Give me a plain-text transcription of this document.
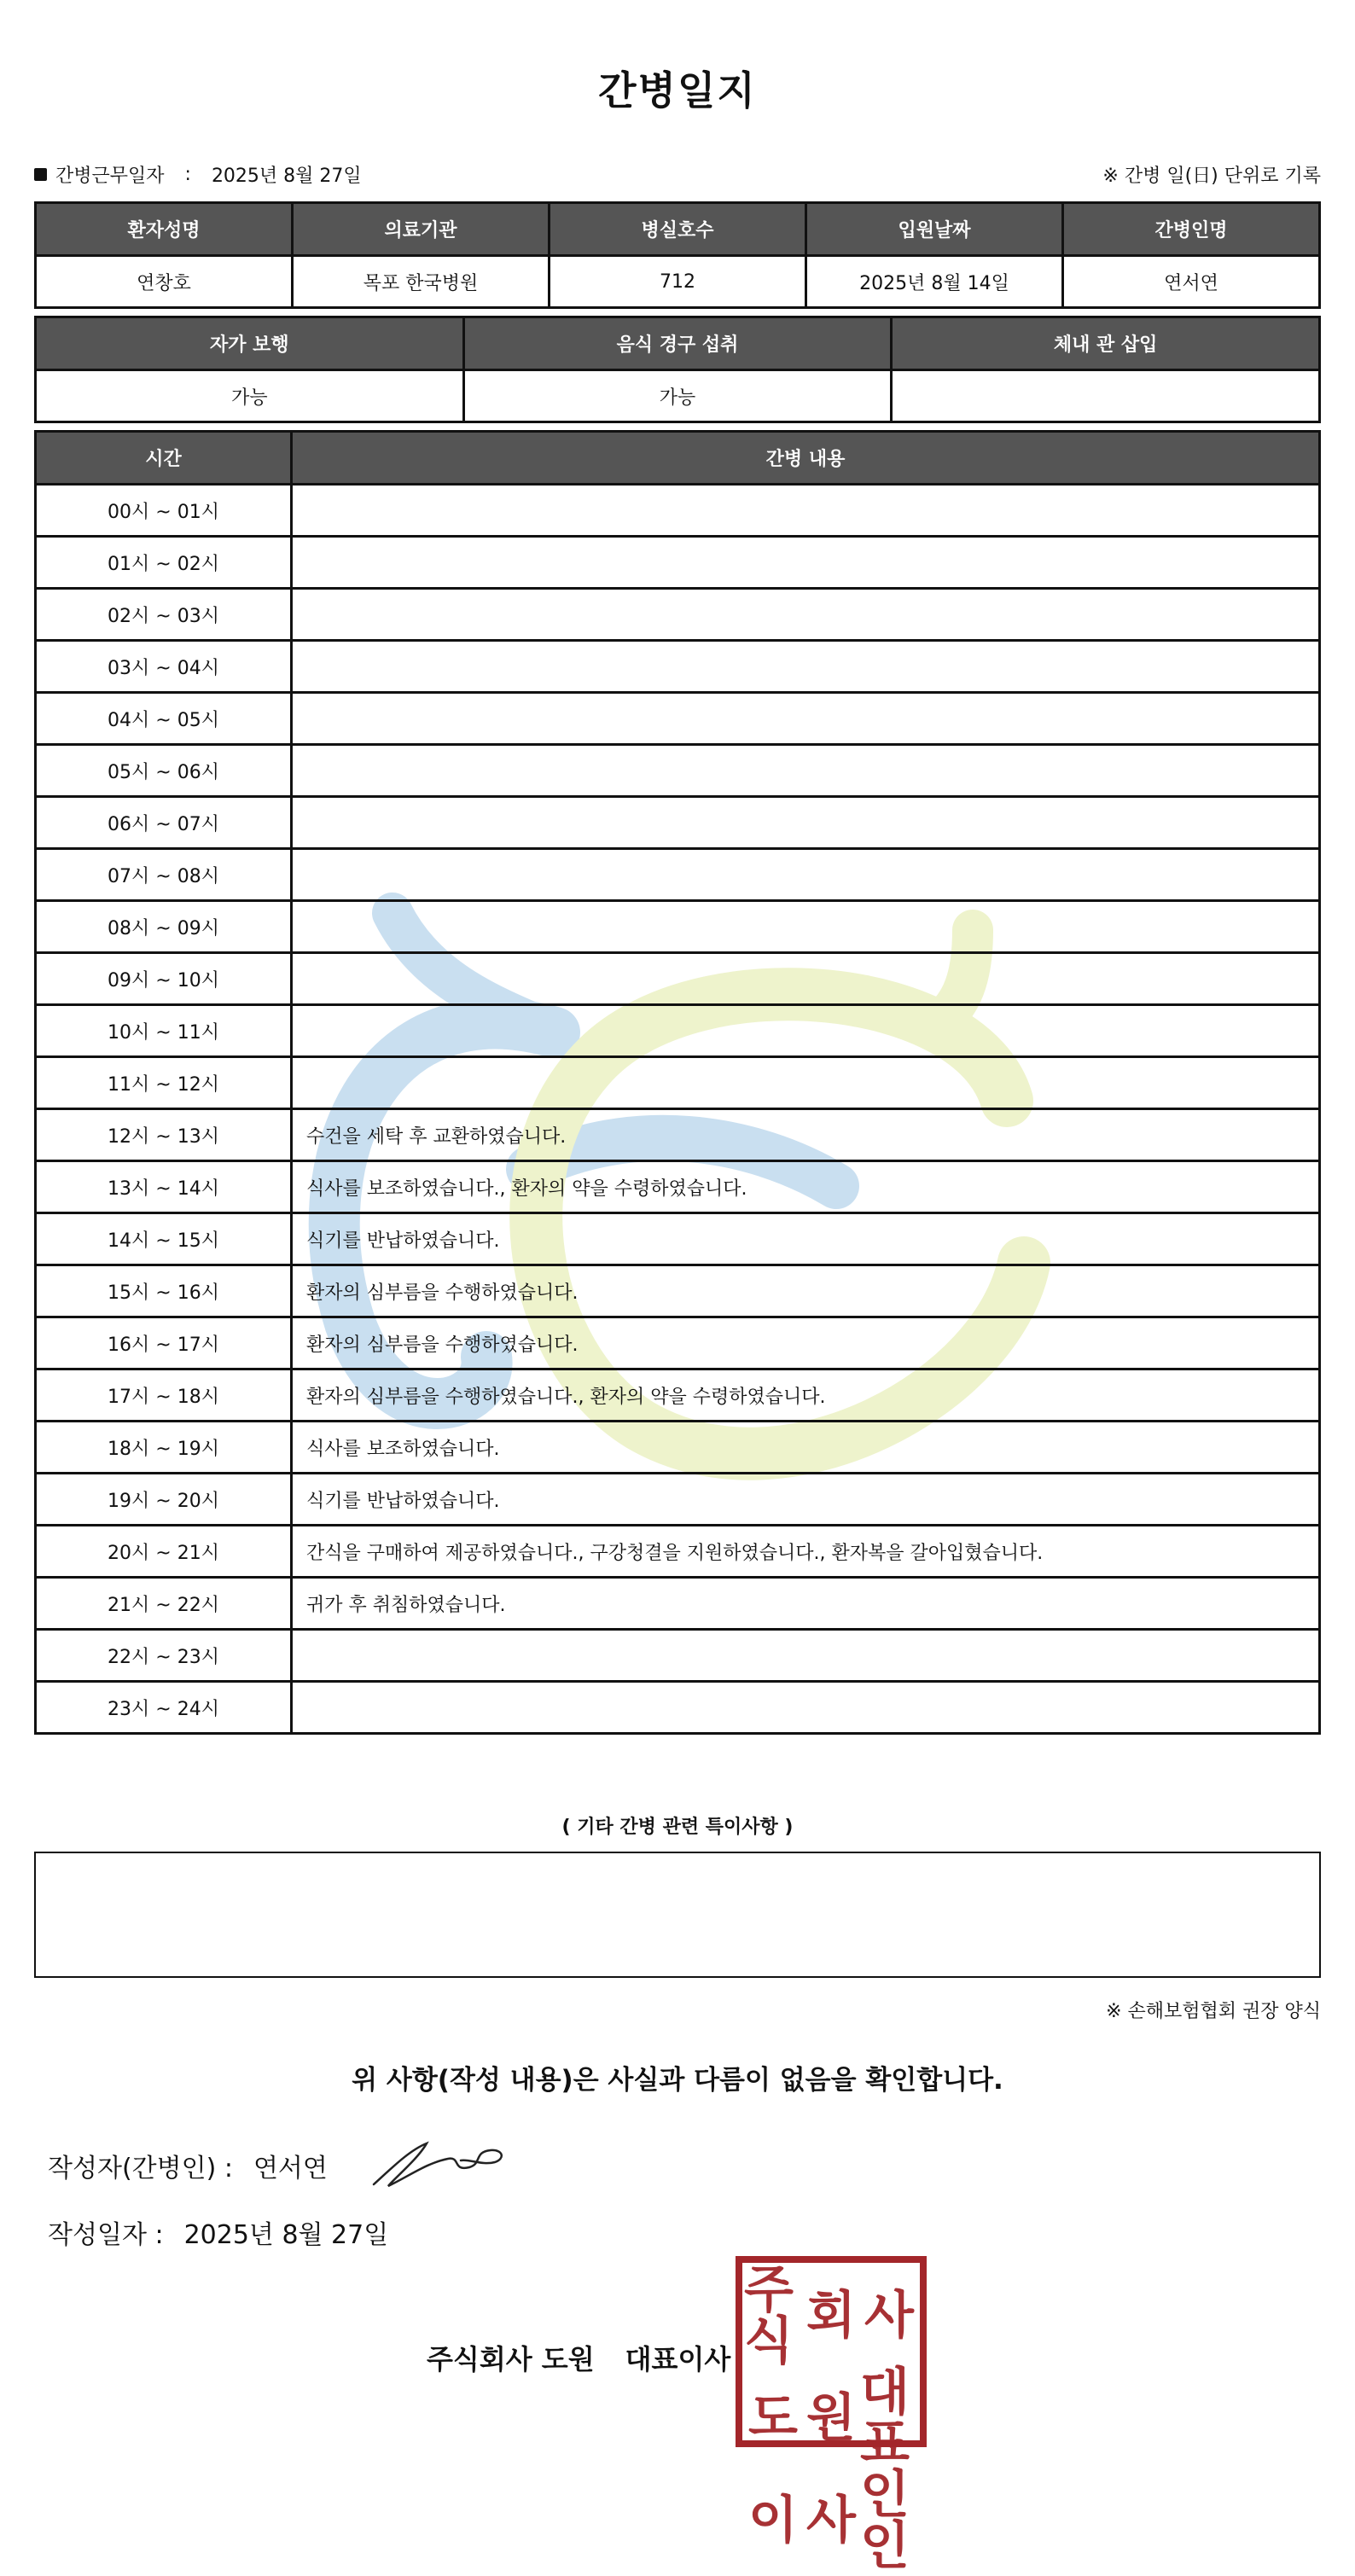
간병일지
간병근무일자 : 2025년 8월 27일	※ 간병 일(日) 단위로 기록
환자성명	의료기관	병실호수	입원날짜	간병인명
연창호	목포 한국병원	712	2025년 8월 14일	연서연
자가 보행	음식 경구 섭취	체내 관 삽입
가능	가능	
시간	간병 내용
00시 ~ 01시	
01시 ~ 02시	
02시 ~ 03시	
03시 ~ 04시	
04시 ~ 05시	
05시 ~ 06시	
06시 ~ 07시	
07시 ~ 08시	
08시 ~ 09시	
09시 ~ 10시	
10시 ~ 11시	
11시 ~ 12시	
12시 ~ 13시	수건을 세탁 후 교환하였습니다.
13시 ~ 14시	식사를 보조하였습니다., 환자의 약을 수령하였습니다.
14시 ~ 15시	식기를 반납하였습니다.
15시 ~ 16시	환자의 심부름을 수행하였습니다.
16시 ~ 17시	환자의 심부름을 수행하였습니다.
17시 ~ 18시	환자의 심부름을 수행하였습니다., 환자의 약을 수령하였습니다.
18시 ~ 19시	식사를 보조하였습니다.
19시 ~ 20시	식기를 반납하였습니다.
20시 ~ 21시	간식을 구매하여 제공하였습니다., 구강청결을 지원하였습니다., 환자복을 갈아입혔습니다.
21시 ~ 22시	귀가 후 취침하였습니다.
22시 ~ 23시	
23시 ~ 24시	
( 기타 간병 관련 특이사항 )
※ 손해보험협회 권장 양식
위 사항(작성 내용)은 사실과 다름이 없음을 확인합니다.
작성자(간병인) : 연서연
작성일자 : 2025년 8월 27일
주식회사 도원 대표이사
주식 회 사
도 원 대표
이 사 인인
